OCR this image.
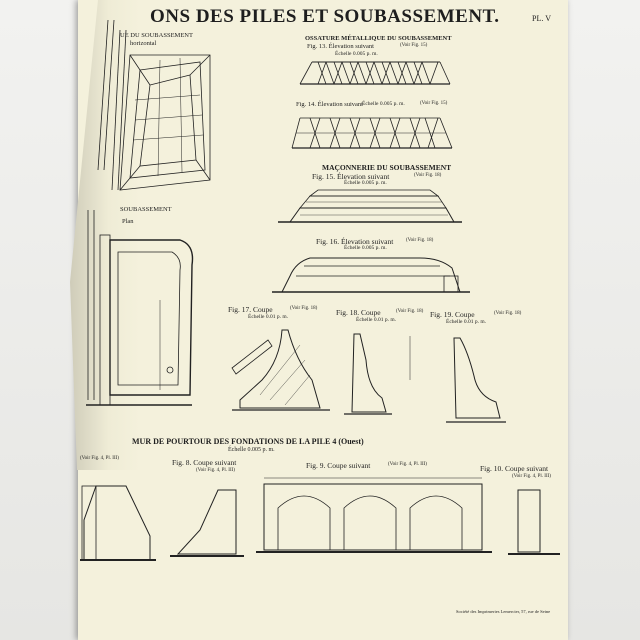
ONS DES PILES ET SOUBASSEMENT.	PL. V
UE DU SOUBASSEMENT
horizontal
SOUBASSEMENT
Plan
OSSATURE MÉTALLIQUE DU SOUBASSEMENT
Fig. 13. Élevation suivant	(Voir Fig. 15)
Échelle 0.005 p. m.
Fig. 14. Élevation suivant Échelle 0.005 p. m.	(Voir Fig. 15)
MAÇONNERIE DU SOUBASSEMENT
Fig. 15. Élevation suivant	(Voir Fig. 18)
Échelle 0.005 p. m.
Fig. 16. Élevation suivant	(Voir Fig. 18)
Échelle 0.005 p. m.
Fig. 17. Coupe	(Voir Fig. 18)
Échelle 0.01 p. m.	Fig. 18. Coupe	(Voir Fig. 18)
Échelle 0.01 p. m.
Fig. 19. Coupe	(Voir Fig. 18)
Échelle 0.01 p. m.
MUR DE POURTOUR DES FONDATIONS DE LA PILE 4 (Ouest)
Échelle 0.005 p. m.
(Voir Fig. 4, Pl. III)	Fig. 8. Coupe suivant
(Voir Fig. 4, Pl. III)
Fig. 9. Coupe suivant	(Voir Fig. 4, Pl. III)	Fig. 10. Coupe suivant
(Voir Fig. 4, Pl. III)
Société des Imprimeries Lemercier, 57, rue de Seine
